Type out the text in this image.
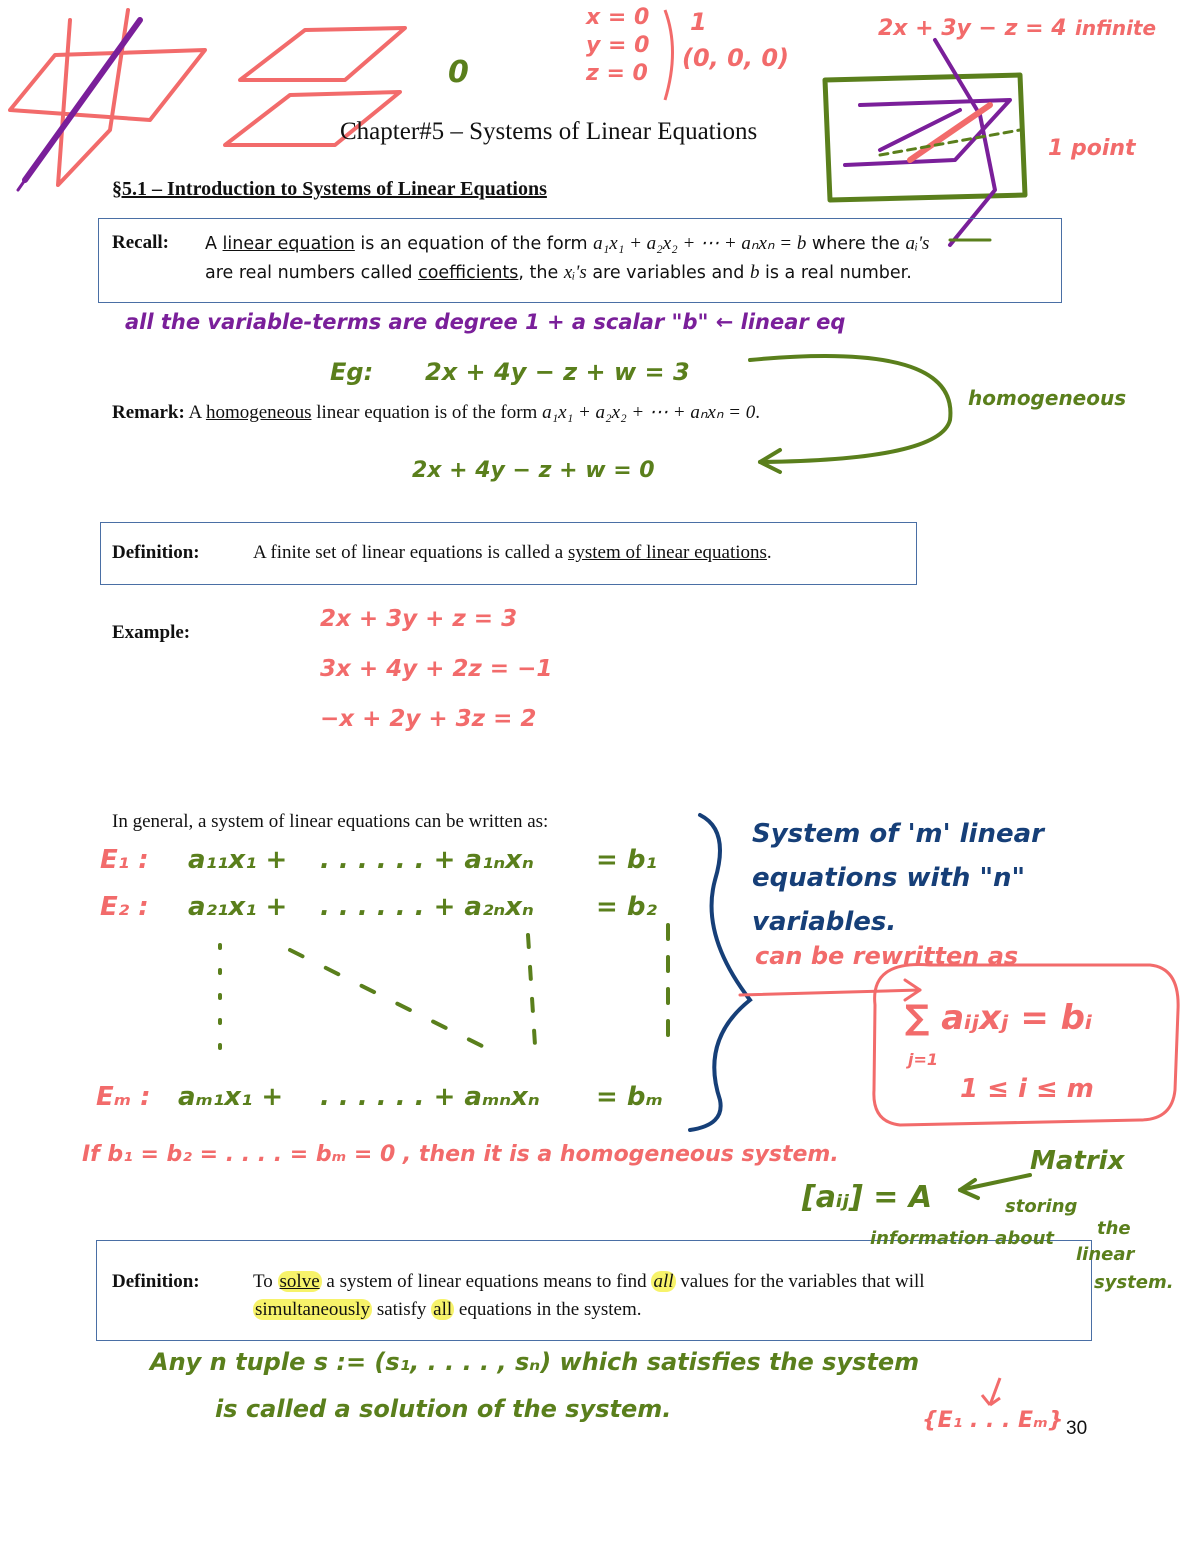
Chapter#5 – Systems of Linear Equations
§5.1 – Introduction to Systems of Linear Equations
Recall: A linear equation is an equation of the form a₁x₁ + a₂x₂ + ⋯ + aₙxₙ = b where the aᵢ's
are real numbers called coefficients, the xᵢ's are variables and b is a real number.
Remark: A homogeneous linear equation is of the form a₁x₁ + a₂x₂ + ⋯ + aₙxₙ = 0.
Definition:	A finite set of linear equations is called a system of linear equations.
Example:
In general, a system of linear equations can be written as:
Definition:	To solve a system of linear equations means to find all values for the variables that will
simultaneously satisfy all equations in the system.
30
0
x = 0
y = 0
z = 0
1
(0, 0, 0)
2x + 3y − z = 4 infinite
1 point
all the variable-terms are degree 1 + a scalar "b" ← linear eq
Eg: 2x + 4y − z + w = 3
homogeneous
2x + 4y − z + w = 0
2x + 3y + z = 3
3x + 4y + 2z = −1
−x + 2y + 3z = 2
E₁ : a₁₁x₁ + . . . . . . + a₁ₙxₙ = b₁
E₂ : a₂₁x₁ + . . . . . . + a₂ₙxₙ = b₂
Eₘ : aₘ₁x₁ + . . . . . . + aₘₙxₙ = bₘ
System of 'm' linear
equations with "n"
variables.
can be rewritten as
∑ aᵢⱼxⱼ = bᵢ
j=1
1 ≤ i ≤ m
If b₁ = b₂ = . . . . = bₘ = 0 , then it is a homogeneous system.	Matrix
[aᵢⱼ] = A	storing
information about the
linear
system.
Any n tuple s := (s₁, . . . . , sₙ) which satisfies the system
is called a solution of the system.	{E₁ . . . Eₘ}
